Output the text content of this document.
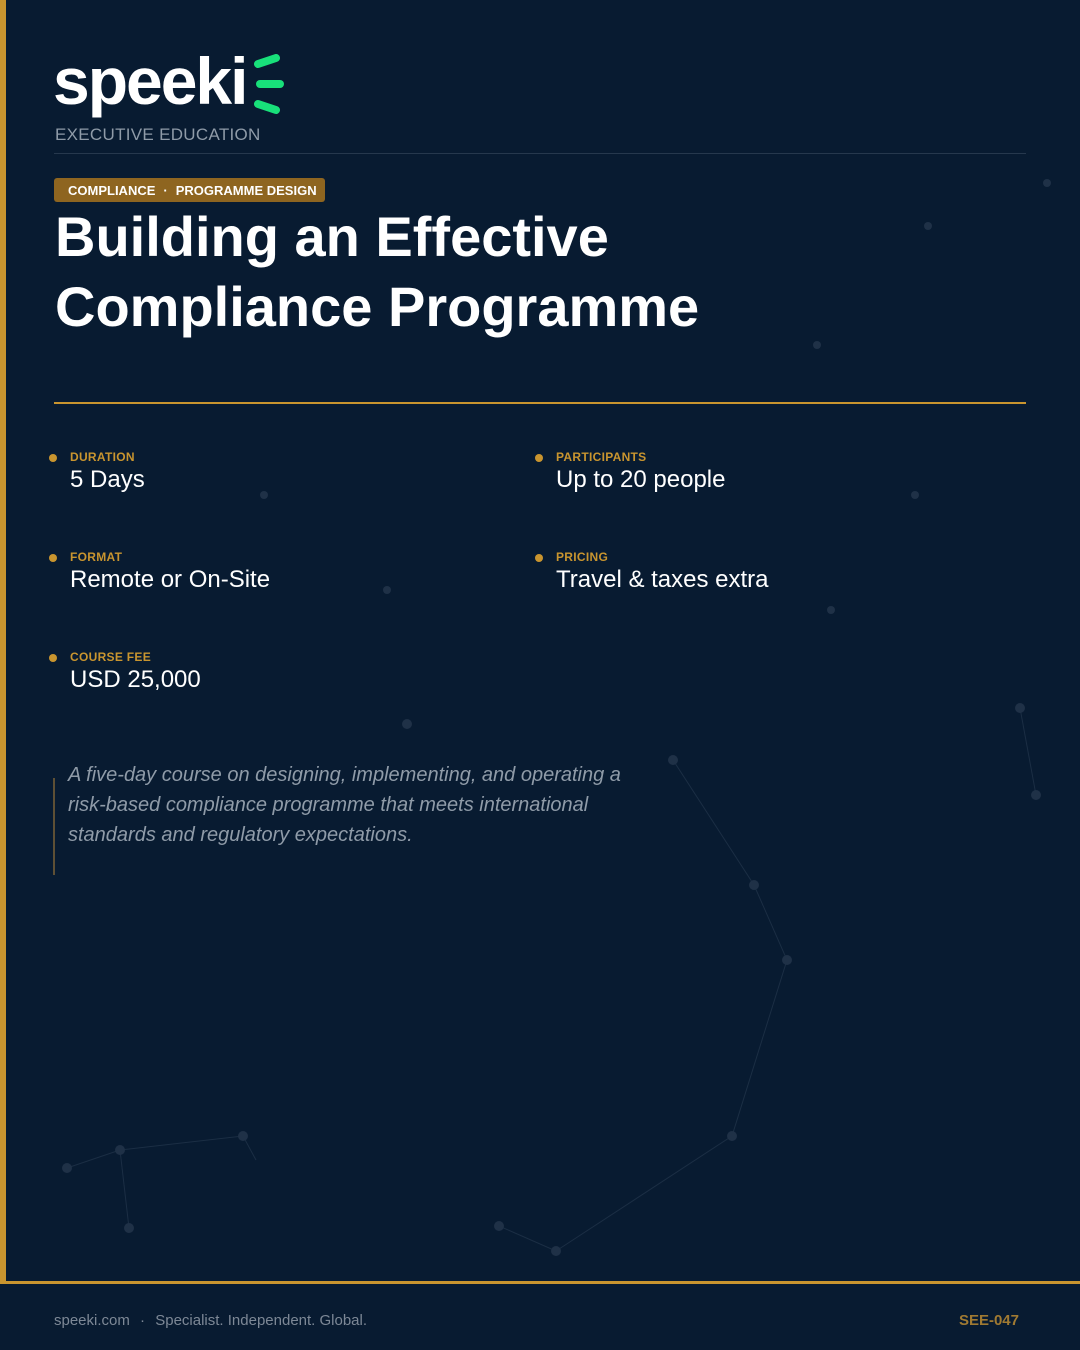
speeki
EXECUTIVE EDUCATION
COMPLIANCE · PROGRAMME DESIGN
Building an Effective
Compliance Programme
DURATION
5 Days
PARTICIPANTS
Up to 20 people
FORMAT
Remote or On-Site
PRICING
Travel & taxes extra
COURSE FEE
USD 25,000

A five-day course on designing, implementing, and operating a risk-based compliance programme that meets international standards and regulatory expectations.

speeki.com · Specialist. Independent. Global.	SEE-047
